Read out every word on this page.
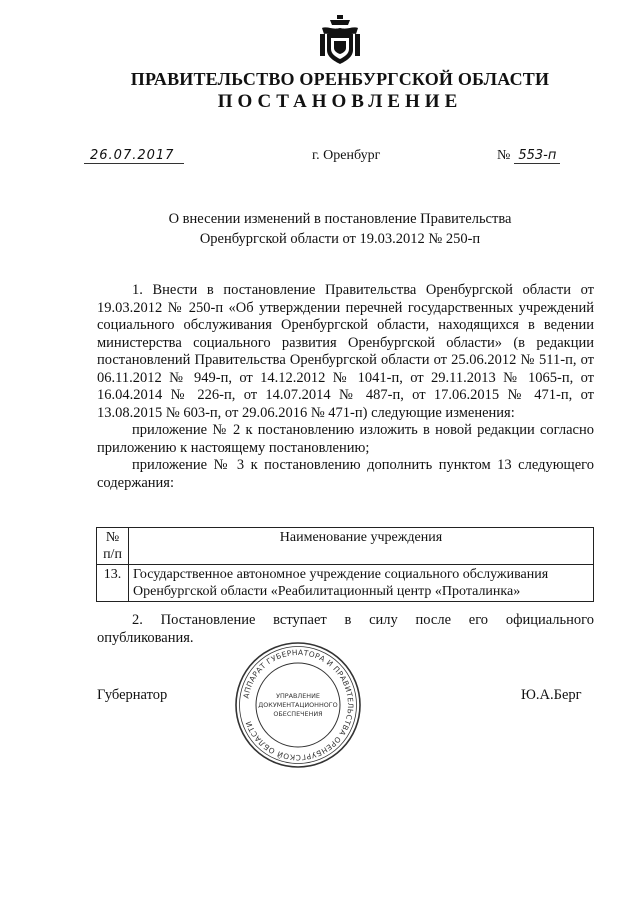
ПРАВИТЕЛЬСТВО ОРЕНБУРГСКОЙ ОБЛАСТИ
ПОСТАНОВЛЕНИЕ
26.07.2017	г. Оренбург	№ 553-п
О внесении изменений в постановление Правительства
Оренбургской области от 19.03.2012 № 250-п

1. Внести в постановление Правительства Оренбургской области от 19.03.2012 № 250-п «Об утверждении перечней государственных учреждений социального обслуживания Оренбургской области, находящихся в ведении министерства социального развития Оренбургской области» (в редакции постановлений Правительства Оренбургской области от 25.06.2012 № 511-п, от 06.11.2012 № 949-п, от 14.12.2012 № 1041-п, от 29.11.2013 № 1065-п, от 16.04.2014 № 226-п, от 14.07.2014 № 487-п, от 17.06.2015 № 471-п, от 13.08.2015 № 603-п, от 29.06.2016 № 471-п) следующие изменения:

приложение № 2 к постановлению изложить в новой редакции согласно приложению к настоящему постановлению;

приложение № 3 к постановлению дополнить пунктом 13 следующего содержания:

№
п/п	Наименование учреждения
13.	Государственное автономное учреждение социального обслуживания Оренбургской области «Реабилитационный центр «Проталинка»

2. Постановление вступает в силу после его официального опубликования.

Губернатор	Ю.А.Берг
АППАРАТ ГУБЕРНАТОРА И ПРАВИТЕЛЬСТВА ОРЕНБУРГСКОЙ ОБЛАСТИ
УПРАВЛЕНИЕ
ДОКУМЕНТАЦИОННОГО
ОБЕСПЕЧЕНИЯ
